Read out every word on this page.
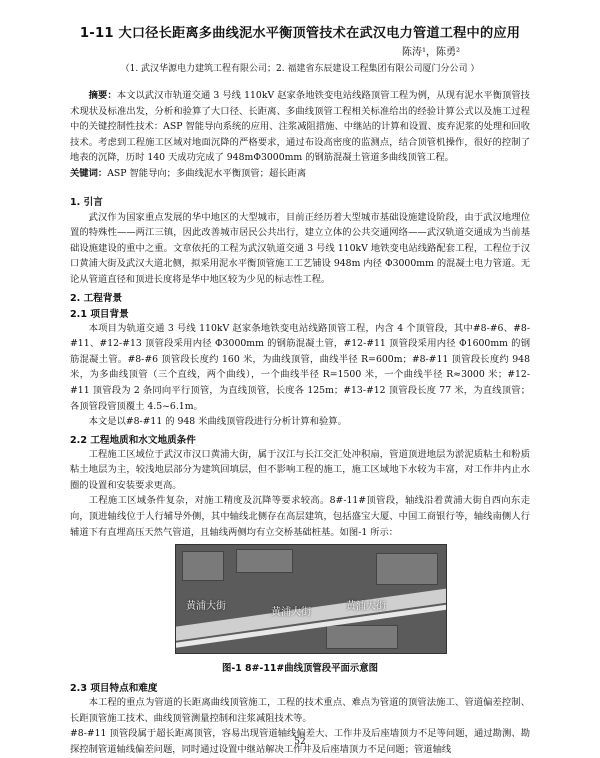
1-11 大口径长距离多曲线泥水平衡顶管技术在武汉电力管道工程中的应用
陈涛¹，陈勇²
（1. 武汉华源电力建筑工程有限公司；2. 福建省东辰建设工程集团有限公司厦门分公司 ）

摘要：本文以武汉市轨道交通 3 号线 110kV 赵家条地铁变电站线路顶管工程为例，从现有泥水平衡顶管技术现状及标准出发，分析和验算了大口径、长距离、多曲线顶管工程相关标准给出的经验计算公式以及施工过程中的关键控制性技术：ASP 智能导向系统的应用、注浆减阻措施、中继站的计算和设置、废弃泥浆的处理和回收技术。考虑到工程施工区域对地面沉降的严格要求，通过布设高密度的监测点，结合顶管机操作，很好的控制了地表的沉降，历时 140 天成功完成了 948mΦ3000mm 的钢筋混凝土管道多曲线顶管工程。

关键词：ASP 智能导向；多曲线泥水平衡顶管；超长距离

1. 引言

武汉作为国家重点发展的华中地区的大型城市，目前正经历着大型城市基础设施建设阶段，由于武汉地理位置的特殊性——两江三镇，因此改善城市居民公共出行，建立立体的公共交通网络——武汉轨道交通成为当前基础设施建设的重中之重。文章依托的工程为武汉轨道交通 3 号线 110kV 地铁变电站线路配套工程，工程位于汉口黄浦大街及武汉大道北侧，拟采用泥水平衡顶管施工工艺铺设 948m 内径 Φ3000mm 的混凝土电力管道。无论从管道直径和顶进长度将是华中地区较为少见的标志性工程。

2. 工程背景
2.1 项目背景

本项目为轨道交通 3 号线 110kV 赵家条地铁变电站线路顶管工程，内含 4 个顶管段，其中#8-#6、#8-#11、#12-#13 顶管段采用内径 Φ3000mm 的钢筋混凝土管，#12-#11 顶管段采用内径 Φ1600mm 的钢筋混凝土管。#8-#6 顶管段长度约 160 米，为曲线顶管，曲线半径 R=600m；#8-#11 顶管段长度约 948 米，为多曲线顶管（三个直线，两个曲线），一个曲线半径 R=1500 米，一个曲线半径 R≈3000 米；#12-#11 顶管段为 2 条同向平行顶管，为直线顶管，长度各 125m；#13-#12 顶管段长度 77 米，为直线顶管；各顶管段管顶覆土 4.5~6.1m。

本文是以#8-#11 的 948 米曲线顶管段进行分析计算和验算。

2.2 工程地质和水文地质条件

工程施工区域位于武汉市汉口黄浦大街，属于汉江与长江交汇处冲积扇，管道顶进地层为淤泥质粘土和粉质粘土地层为主，较浅地层部分为建筑回填层，但不影响工程的施工，施工区域地下水较为丰富，对工作井内止水圈的设置和安装要求更高。

工程施工区域条件复杂，对施工精度及沉降等要求较高。8#-11#顶管段，轴线沿着黄浦大街自西向东走向，顶进轴线位于人行辅导外侧，其中轴线北侧存在高层建筑，包括盛宝大厦、中国工商银行等，轴线南侧人行辅道下有直埋高压天然气管道，且轴线两侧均有立交桥基础桩基。如图-1 所示：

黄浦大街
黄浦大街
黄浦大街
图-1 8#-11#曲线顶管段平面示意图
2.3 项目特点和难度

本工程的重点为管道的长距离曲线顶管施工，工程的技术重点、难点为管道的顶管法施工、管道偏差控制、长距顶管施工技术、曲线顶管测量控制和注浆减阻技术等。

#8-#11 顶管段属于超长距离顶管，容易出现管道轴线偏差大、工作井及后座墙顶力不足等问题，通过勘测、勘探控制管道轴线偏差问题，同时通过设置中继站解决工作井及后座墙顶力不足问题；管道轴线

52
